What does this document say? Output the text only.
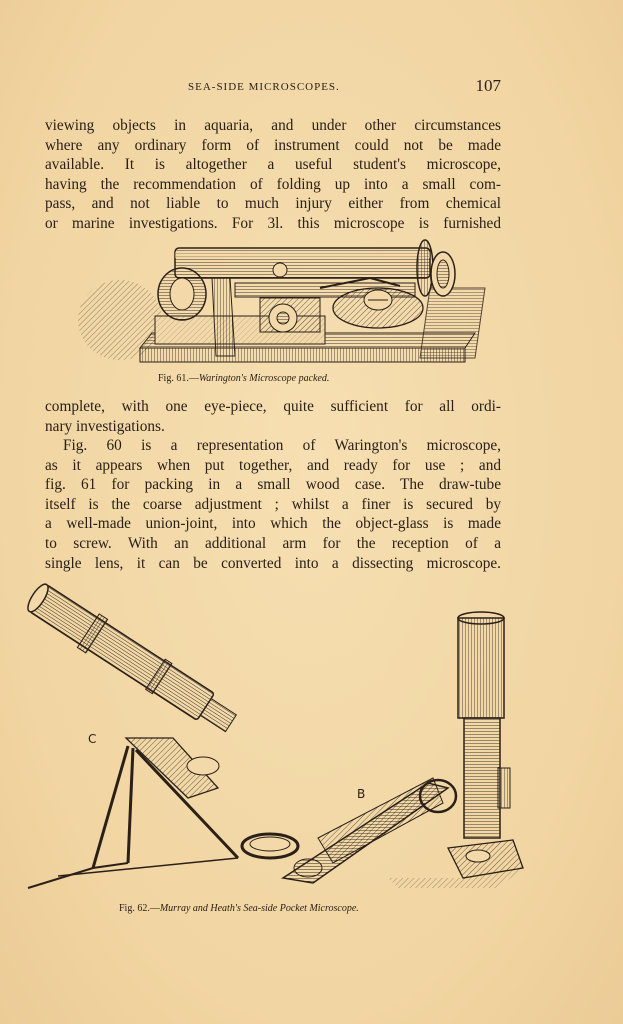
SEA-SIDE MICROSCOPES.	107

viewing objects in aquaria, and under other circumstances
where any ordinary form of instrument could not be made
available. It is altogether a useful student's microscope,
having the recommendation of folding up into a small com-
pass, and not liable to much injury either from chemical
or marine investigations. For 3l. this microscope is furnished

Fig. 61.—Warington's Microscope packed.

complete, with one eye-piece, quite sufficient for all ordi-
nary investigations.

Fig. 60 is a representation of Warington's microscope,
as it appears when put together, and ready for use ; and
fig. 61 for packing in a small wood case. The draw-tube
itself is the coarse adjustment ; whilst a finer is secured by
a well-made union-joint, into which the object-glass is made
to screw. With an additional arm for the reception of a
single lens, it can be converted into a dissecting microscope.

C
B
Fig. 62.—Murray and Heath's Sea-side Pocket Microscope.
